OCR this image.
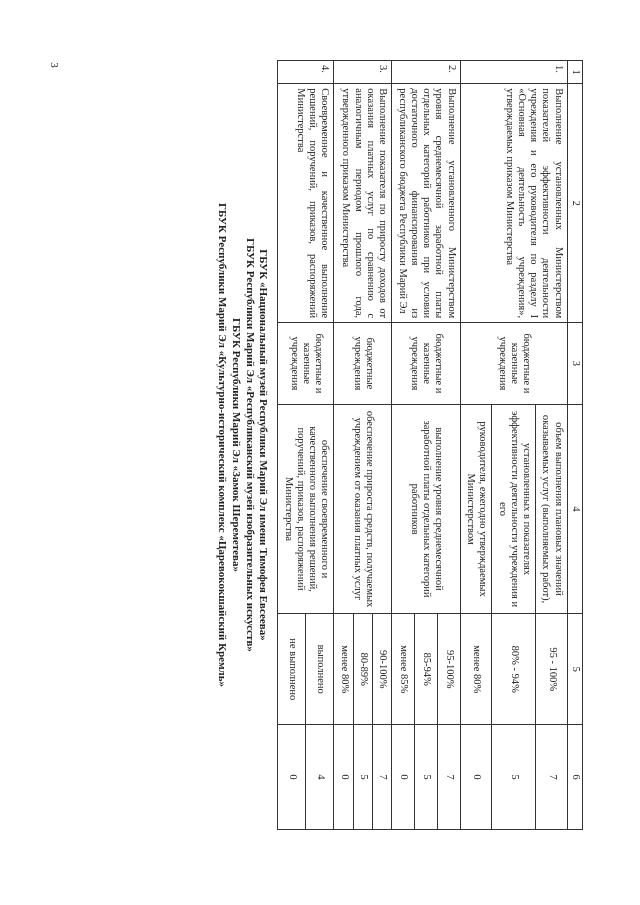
3
1	2	3	4	5	6
1.	Выполнение установленных Министерством показателей эффективности деятельности учреждения и его руководителя по разделу I «Основная деятельность учреждения», утверждаемых приказом Министерства	бюджетные и казенные учреждения	объем выполнения плановых значений оказываемых услуг (выполняемых работ),	95 - 100%	7
			установленных в показателях эффективности деятельности учреждения и его	80% - 94%	5
			руководителя, ежегодно утверждаемых Министерством	менее 80%	0
2.	Выполнение установленного Министерством уровня среднемесячной заработной платы отдельных категорий работников при условии достаточного финансирования из республиканского бюджета Республики Марий Эл	бюджетные и казенные учреждения	выполнение уровня среднемесячной заработной платы отдельных категорий работников	95-100%	7
				85-94%	5
				менее 85%	0
3.	Выполнение показателя по приросту доходов от оказания платных услуг по сравнению с аналогичным периодом прошлого года, утвержденного приказом Министерства	бюджетные учреждения	обеспечение прироста средств, получаемых учреждением от оказания платных услуг	90-100%	7
				80-89%	5
				менее 80%	0
4.	Своевременное и качественное выполнение решений, поручений, приказов, распоряжений Министерства	бюджетные и казенные учреждения	обеспечение своевременного и качественного выполнения решений, поручений, приказов, распоряжений Министерства	выполнено	4
				не выполнено	0
ГБУК «Национальный музей Республики Марий Эл имени Тимофея Евсеева»
ГБУК Республики Марий Эл «Республиканский музей изобразительных искусств»
ГБУК Республики Марий Эл «Замок Шереметева»
ГБУК Республики Марий Эл «Культурно-исторический комплекс «Царевококшайский Кремль»
